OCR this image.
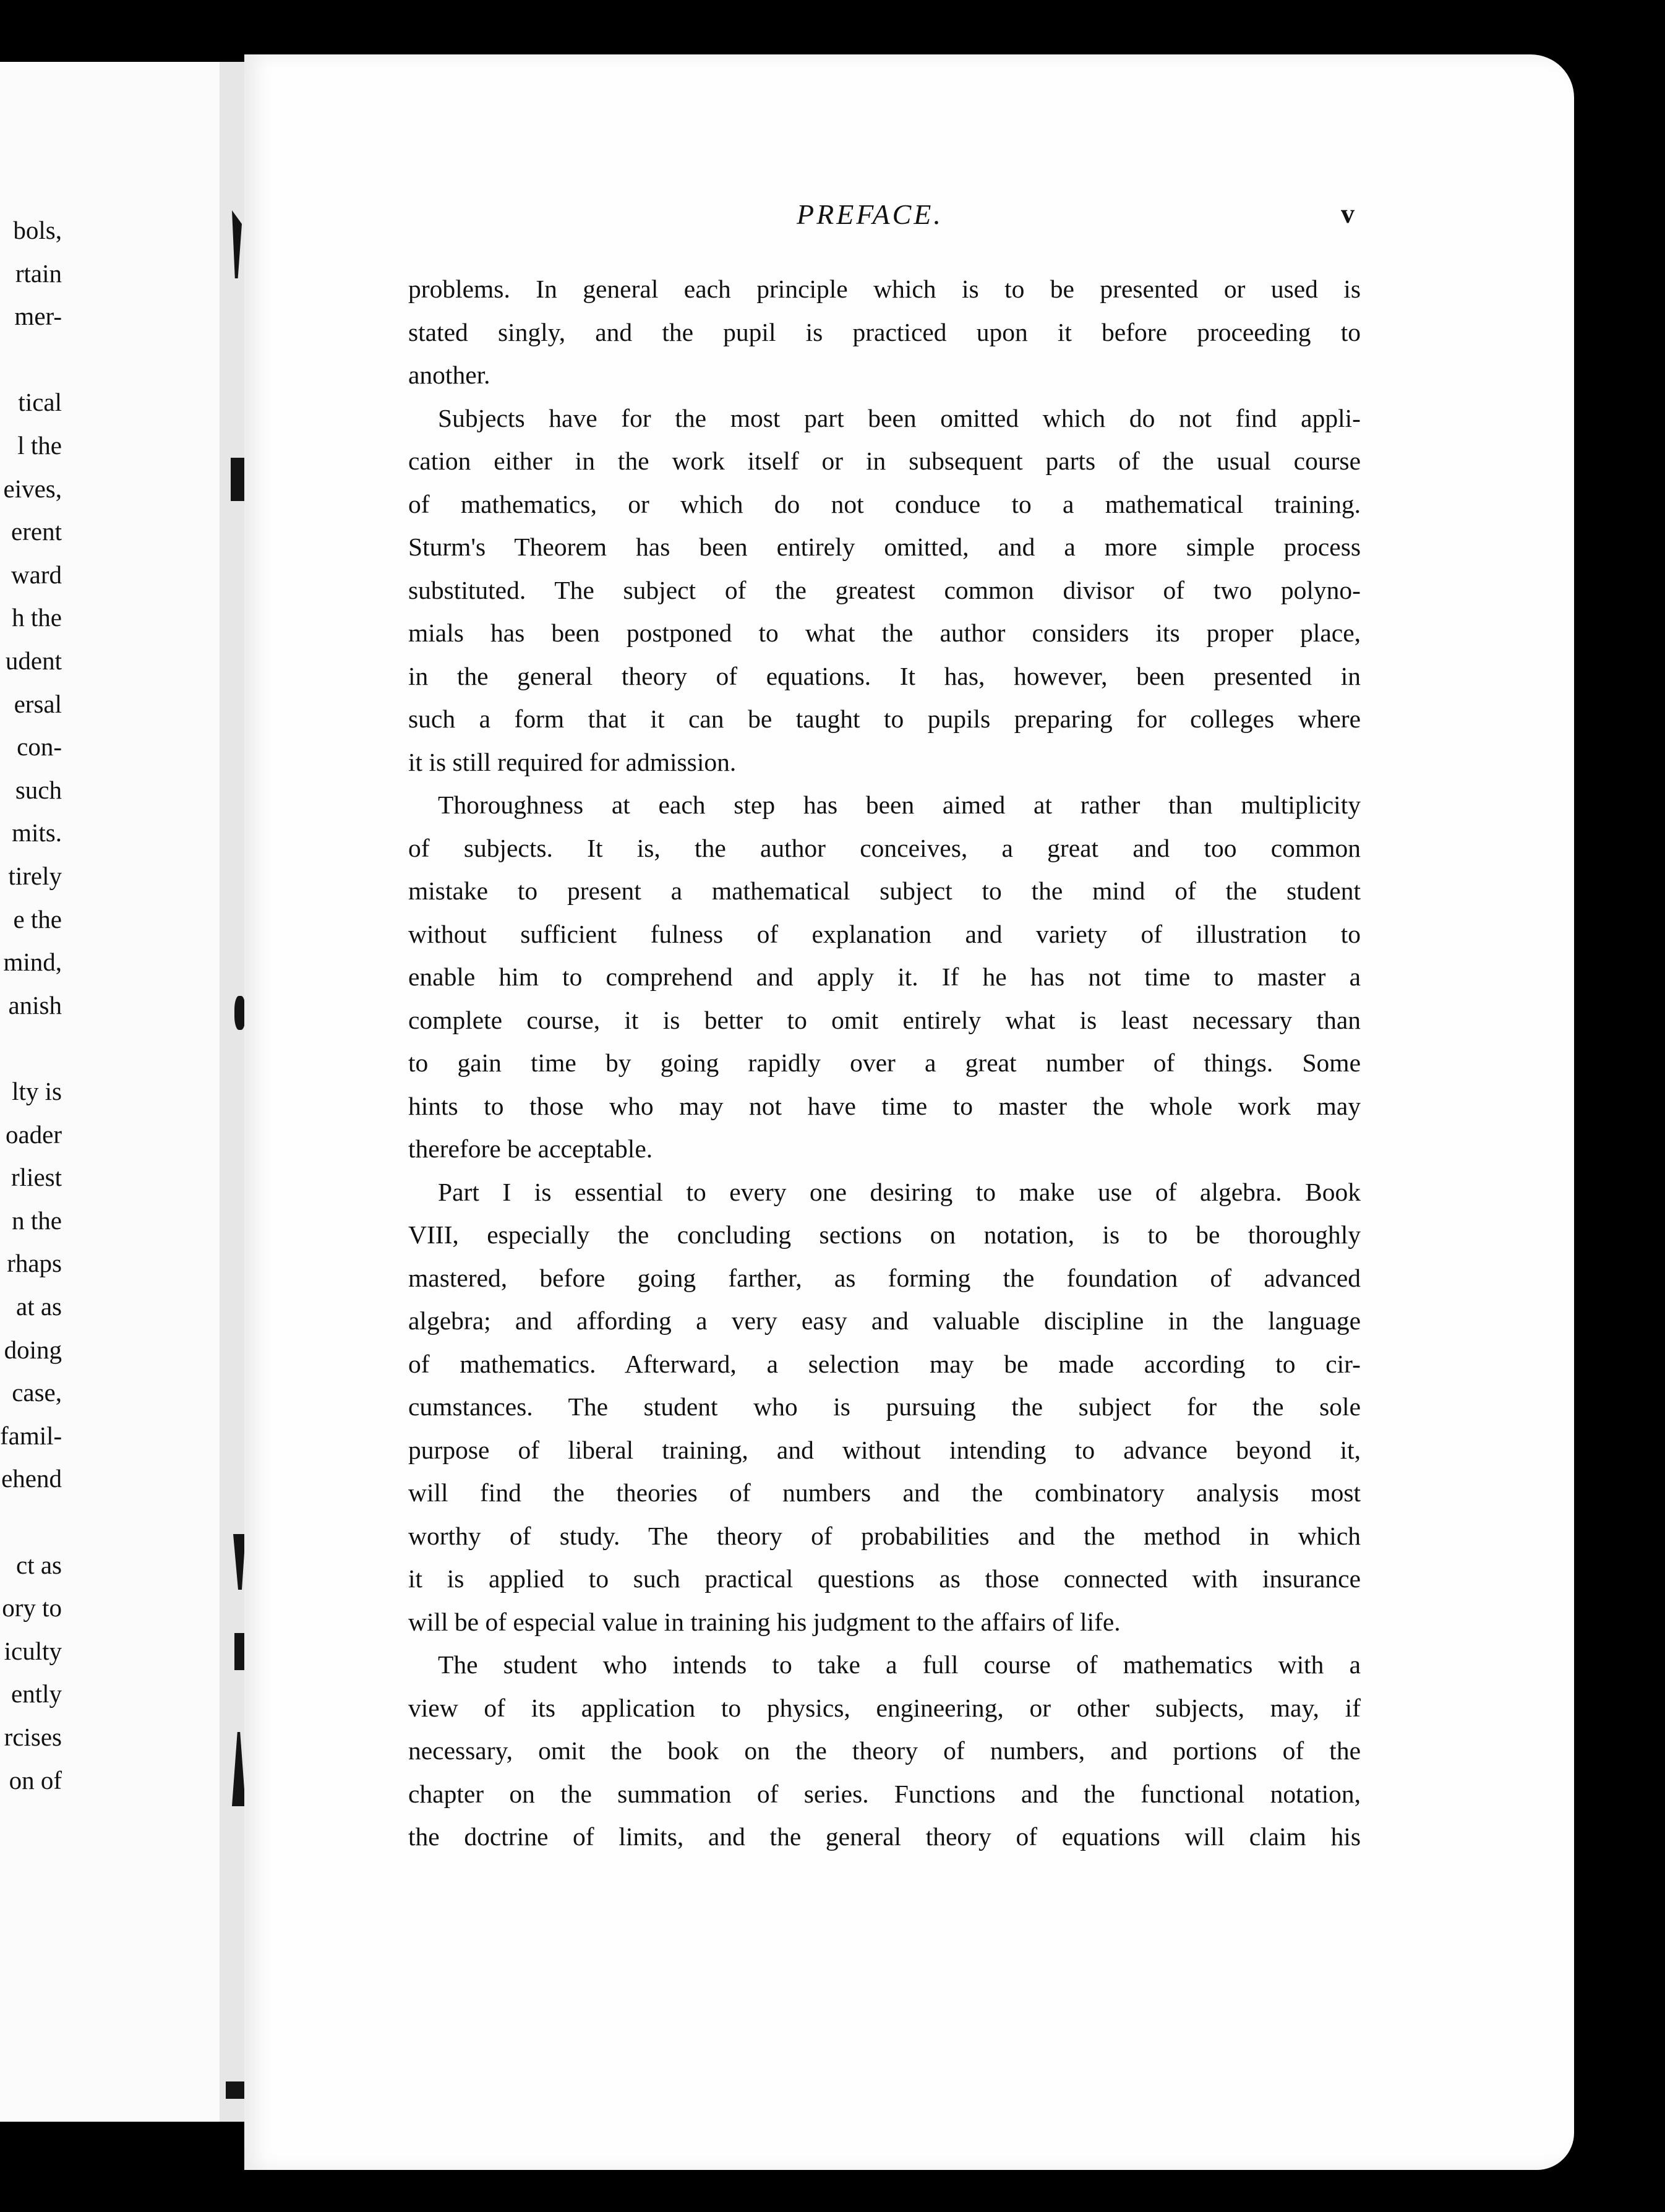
bols,
rtain
mer-
tical
l the
eives,
erent
ward
h the
udent
ersal
con-
such
mits.
tirely
e the
mind,
anish
lty is
oader
rliest
n the
rhaps
at as
doing
case,
famil-
ehend
ct as
ory to
iculty
ently
rcises
on of
PREFACE.	v
problems. In general each principle which is to be presented or used is
stated singly, and the pupil is practiced upon it before proceeding to
another.
Subjects have for the most part been omitted which do not find appli-
cation either in the work itself or in subsequent parts of the usual course
of mathematics, or which do not conduce to a mathematical training.
Sturm's Theorem has been entirely omitted, and a more simple process
substituted. The subject of the greatest common divisor of two polyno-
mials has been postponed to what the author considers its proper place,
in the general theory of equations. It has, however, been presented in
such a form that it can be taught to pupils preparing for colleges where
it is still required for admission.
Thoroughness at each step has been aimed at rather than multiplicity
of subjects. It is, the author conceives, a great and too common
mistake to present a mathematical subject to the mind of the student
without sufficient fulness of explanation and variety of illustration to
enable him to comprehend and apply it. If he has not time to master a
complete course, it is better to omit entirely what is least necessary than
to gain time by going rapidly over a great number of things. Some
hints to those who may not have time to master the whole work may
therefore be acceptable.
Part I is essential to every one desiring to make use of algebra. Book
VIII, especially the concluding sections on notation, is to be thoroughly
mastered, before going farther, as forming the foundation of advanced
algebra; and affording a very easy and valuable discipline in the language
of mathematics. Afterward, a selection may be made according to cir-
cumstances. The student who is pursuing the subject for the sole
purpose of liberal training, and without intending to advance beyond it,
will find the theories of numbers and the combinatory analysis most
worthy of study. The theory of probabilities and the method in which
it is applied to such practical questions as those connected with insurance
will be of especial value in training his judgment to the affairs of life.
The student who intends to take a full course of mathematics with a
view of its application to physics, engineering, or other subjects, may, if
necessary, omit the book on the theory of numbers, and portions of the
chapter on the summation of series. Functions and the functional notation,
the doctrine of limits, and the general theory of equations will claim his
